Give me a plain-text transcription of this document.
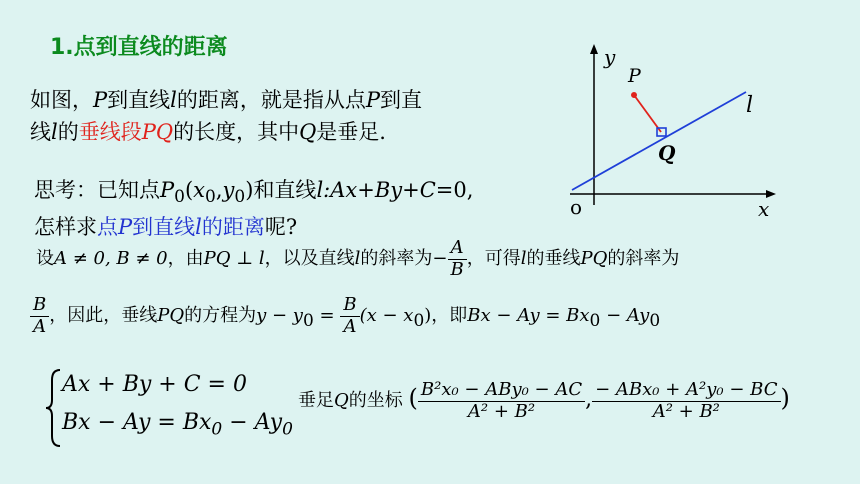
1.点到直线的距离
如图，P到直线l的距离，就是指从点P到直
线l的垂线段PQ的长度，其中Q是垂足.
思考：已知点$P_0(x_0,y_0)$和直线l:Ax+By+C=0,
怎样求点P到直线l的距离呢?
设A ≠ 0, B ≠ 0，由PQ ⊥ l，以及直线l的斜率为− $\frac{A}{B}$ ，可得l的垂线PQ的斜率为
$\frac{B}{A}$ ，因此，垂线PQ的方程为$y - y_0 = \frac{B}{A} (x - x_0)$，即$Bx - Ay = Bx_0 - Ay_0$
Ax + By + C = 0
$Bx - Ay = Bx_0 - Ay_0$
垂足Q的坐标 ( $\frac{\text{B²x₀ − ABy₀ − AC}}{\text{A² + B²}}$ , $\frac{\text{− ABx₀ + A²y₀ − BC}}{\text{A² + B²}}$ )
y
x
o
P
Q
l
